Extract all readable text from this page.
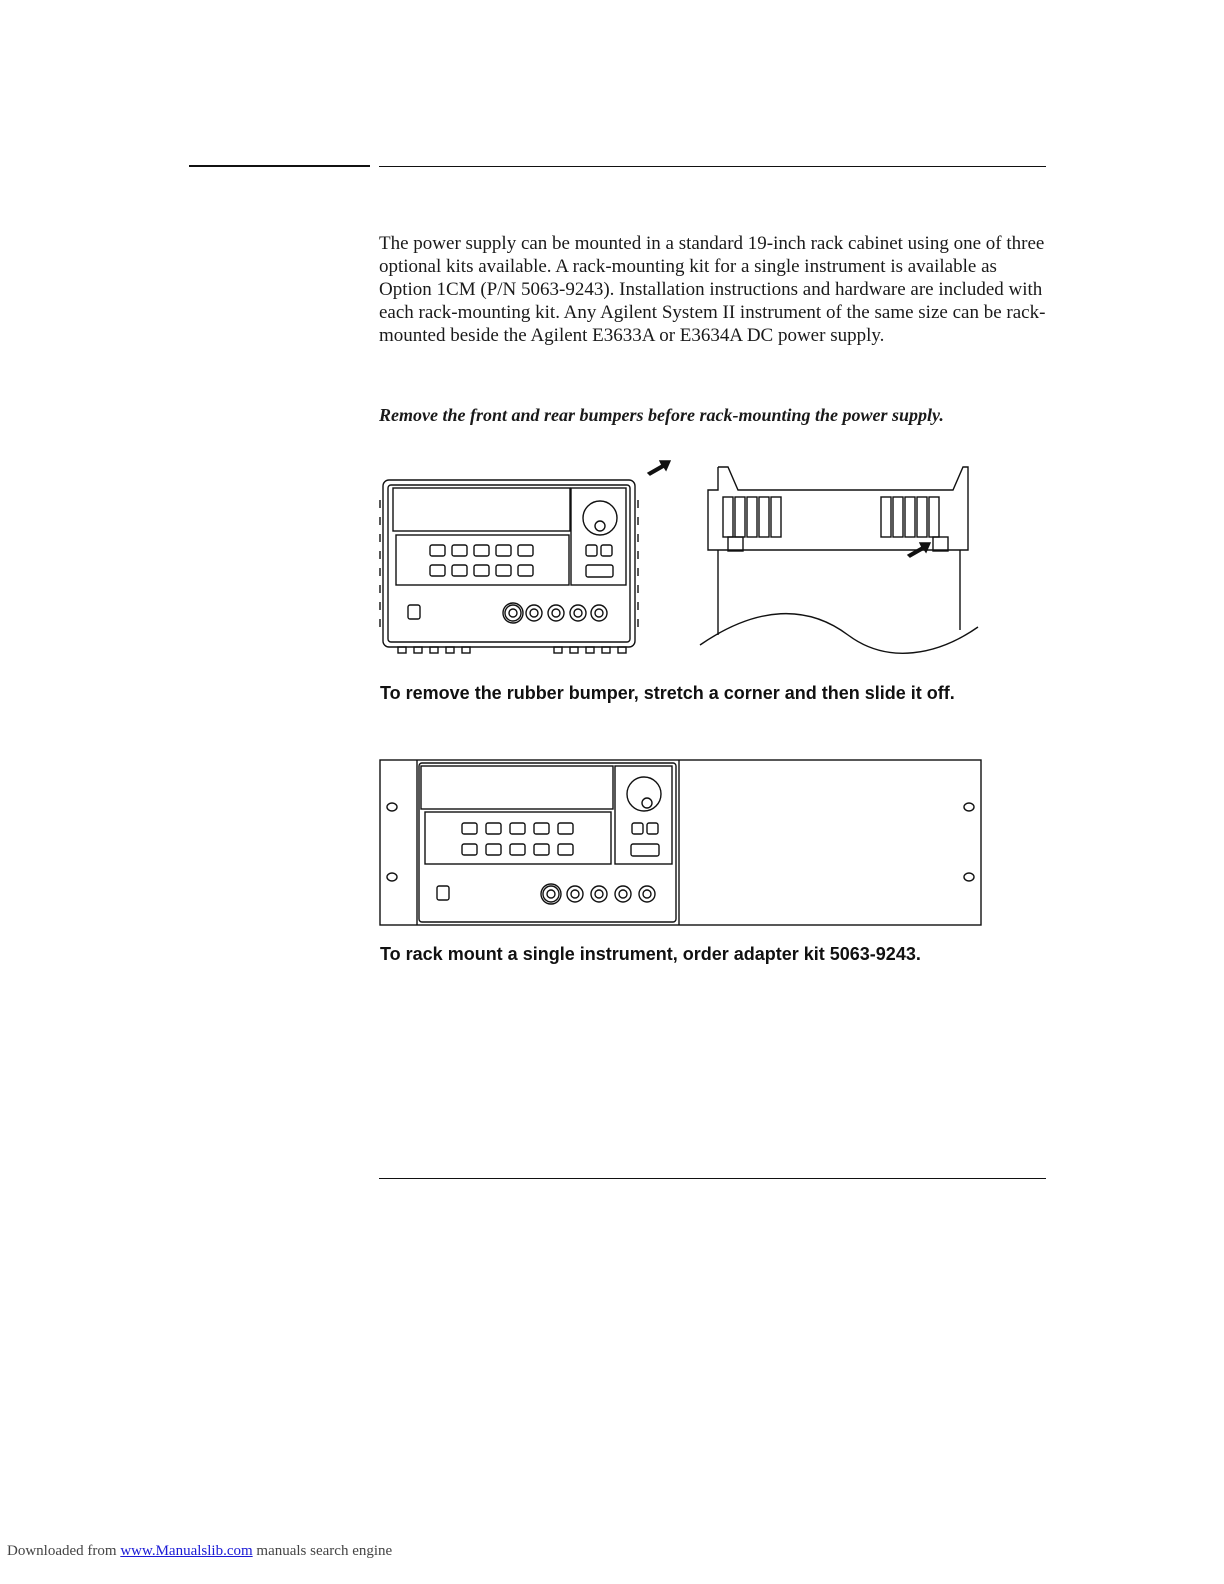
The power supply can be mounted in a standard 19-inch rack cabinet using one of three optional kits available. A rack-mounting kit for a single instrument is available as Option 1CM (P/N 5063-9243). Installation instructions and hardware are included with each rack-mounting kit. Any Agilent System II instrument of the same size can be rack-mounted beside the Agilent E3633A or E3634A DC power supply.

Remove the front and rear bumpers before rack-mounting the power supply.
To remove the rubber bumper, stretch a corner and then slide it off.
To rack mount a single instrument, order adapter kit 5063-9243.
Downloaded from www.Manualslib.com manuals search engine
